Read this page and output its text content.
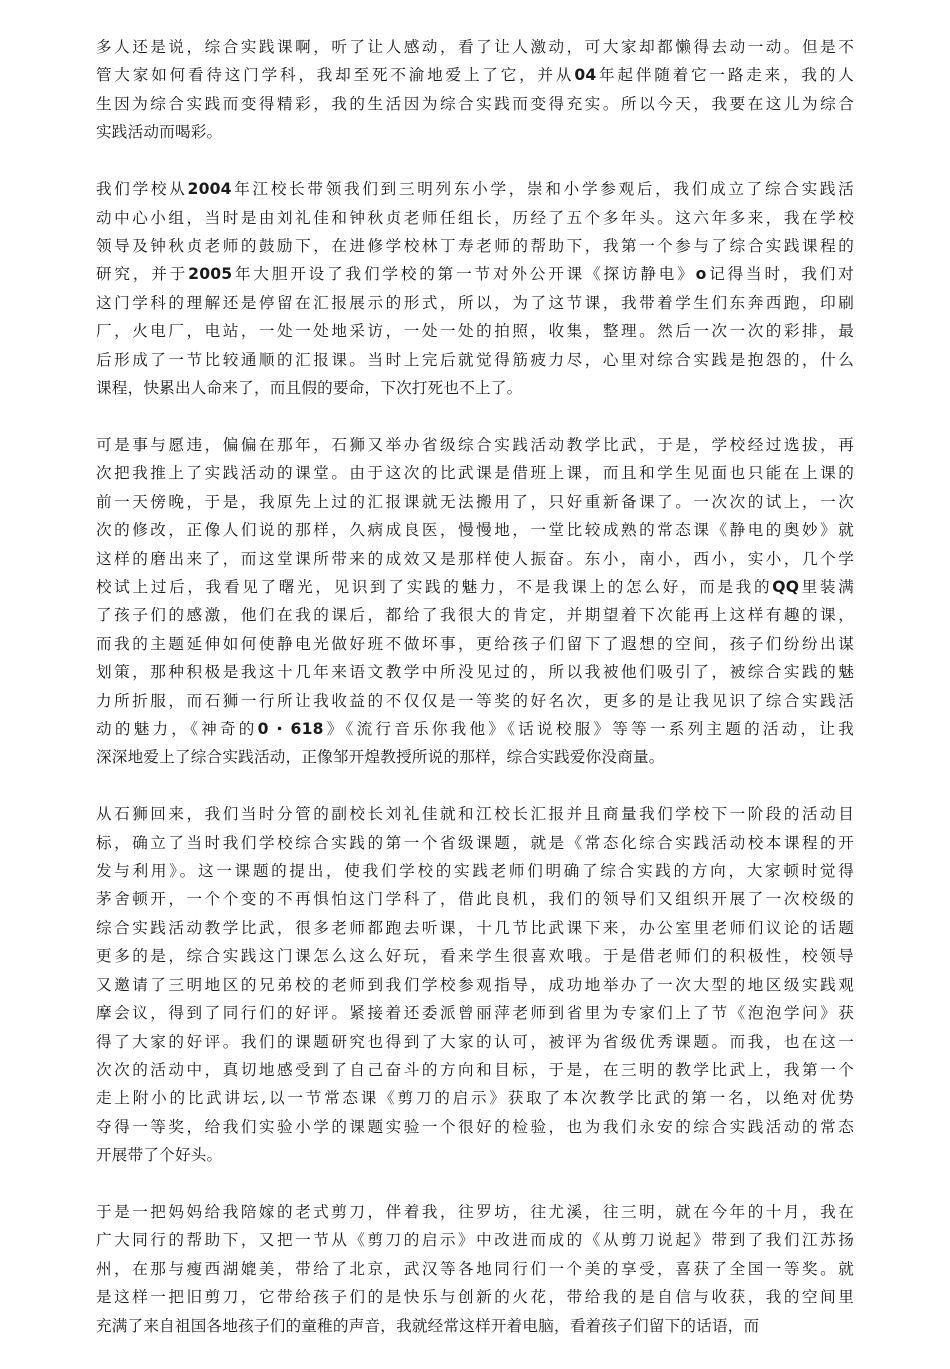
多人还是说，综合实践课啊，听了让人感动，看了让人激动，可大家却都懒得去动一动。但是不
管大家如何看待这门学科，我却至死不渝地爱上了它，并从04年起伴随着它一路走来，我的人
生因为综合实践而变得精彩，我的生活因为综合实践而变得充实。所以今天，我要在这儿为综合
实践活动而喝彩。

我们学校从2004年江校长带领我们到三明列东小学，崇和小学参观后，我们成立了综合实践活
动中心小组，当时是由刘礼佳和钟秋贞老师任组长，历经了五个多年头。这六年多来，我在学校
领导及钟秋贞老师的鼓励下，在进修学校林丁寿老师的帮助下，我第一个参与了综合实践课程的
研究，并于2005年大胆开设了我们学校的第一节对外公开课《探访静电》o记得当时，我们对
这门学科的理解还是停留在汇报展示的形式，所以，为了这节课，我带着学生们东奔西跑，印刷
厂，火电厂，电站，一处一处地采访，一处一处的拍照，收集，整理。然后一次一次的彩排，最
后形成了一节比较通顺的汇报课。当时上完后就觉得筋疲力尽，心里对综合实践是抱怨的，什么
课程，快累出人命来了，而且假的要命，下次打死也不上了。

可是事与愿违，偏偏在那年，石狮又举办省级综合实践活动教学比武，于是，学校经过选拔，再
次把我推上了实践活动的课堂。由于这次的比武课是借班上课，而且和学生见面也只能在上课的
前一天傍晚，于是，我原先上过的汇报课就无法搬用了，只好重新备课了。一次次的试上，一次
次的修改，正像人们说的那样，久病成良医，慢慢地，一堂比较成熟的常态课《静电的奥妙》就
这样的磨出来了，而这堂课所带来的成效又是那样使人振奋。东小，南小，西小，实小，几个学
校试上过后，我看见了曙光，见识到了实践的魅力，不是我课上的怎么好，而是我的QQ里装满
了孩子们的感激，他们在我的课后，都给了我很大的肯定，并期望着下次能再上这样有趣的课，
而我的主题延伸如何使静电光做好班不做坏事，更给孩子们留下了遐想的空间，孩子们纷纷出谋
划策，那种积极是我这十几年来语文教学中所没见过的，所以我被他们吸引了，被综合实践的魅
力所折服，而石狮一行所让我收益的不仅仅是一等奖的好名次，更多的是让我见识了综合实践活
动的魅力，《神奇的0・618》《流行音乐你我他》《话说校服》等等一系列主题的活动，让我
深深地爱上了综合实践活动，正像邹开煌教授所说的那样，综合实践爱你没商量。

从石狮回来，我们当时分管的副校长刘礼佳就和江校长汇报并且商量我们学校下一阶段的活动目
标，确立了当时我们学校综合实践的第一个省级课题，就是《常态化综合实践活动校本课程的开
发与利用》。这一课题的提出，使我们学校的实践老师们明确了综合实践的方向，大家顿时觉得
茅舍顿开，一个个变的不再惧怕这门学科了，借此良机，我们的领导们又组织开展了一次校级的
综合实践活动教学比武，很多老师都跑去听课，十几节比武课下来，办公室里老师们议论的话题
更多的是，综合实践这门课怎么这么好玩，看来学生很喜欢哦。于是借老师们的积极性，校领导
又邀请了三明地区的兄弟校的老师到我们学校参观指导，成功地举办了一次大型的地区级实践观
摩会议，得到了同行们的好评。紧接着还委派曾丽萍老师到省里为专家们上了节《泡泡学问》获
得了大家的好评。我们的课题研究也得到了大家的认可，被评为省级优秀课题。而我，也在这一
次次的活动中，真切地感受到了自己奋斗的方向和目标，于是，在三明的教学比武上，我第一个
走上附小的比武讲坛,以一节常态课《剪刀的启示》获取了本次教学比武的第一名，以绝对优势
夺得一等奖，给我们实验小学的课题实验一个很好的检验，也为我们永安的综合实践活动的常态
开展带了个好头。

于是一把妈妈给我陪嫁的老式剪刀，伴着我，往罗坊，往尤溪，往三明，就在今年的十月，我在
广大同行的帮助下，又把一节从《剪刀的启示》中改进而成的《从剪刀说起》带到了我们江苏扬
州，在那与瘦西湖媲美，带给了北京，武汉等各地同行们一个美的享受，喜获了全国一等奖。就
是这样一把旧剪刀，它带给孩子们的是快乐与创新的火花，带给我的是自信与收获，我的空间里
充满了来自祖国各地孩子们的童稚的声音，我就经常这样开着电脑，看着孩子们留下的话语，而
